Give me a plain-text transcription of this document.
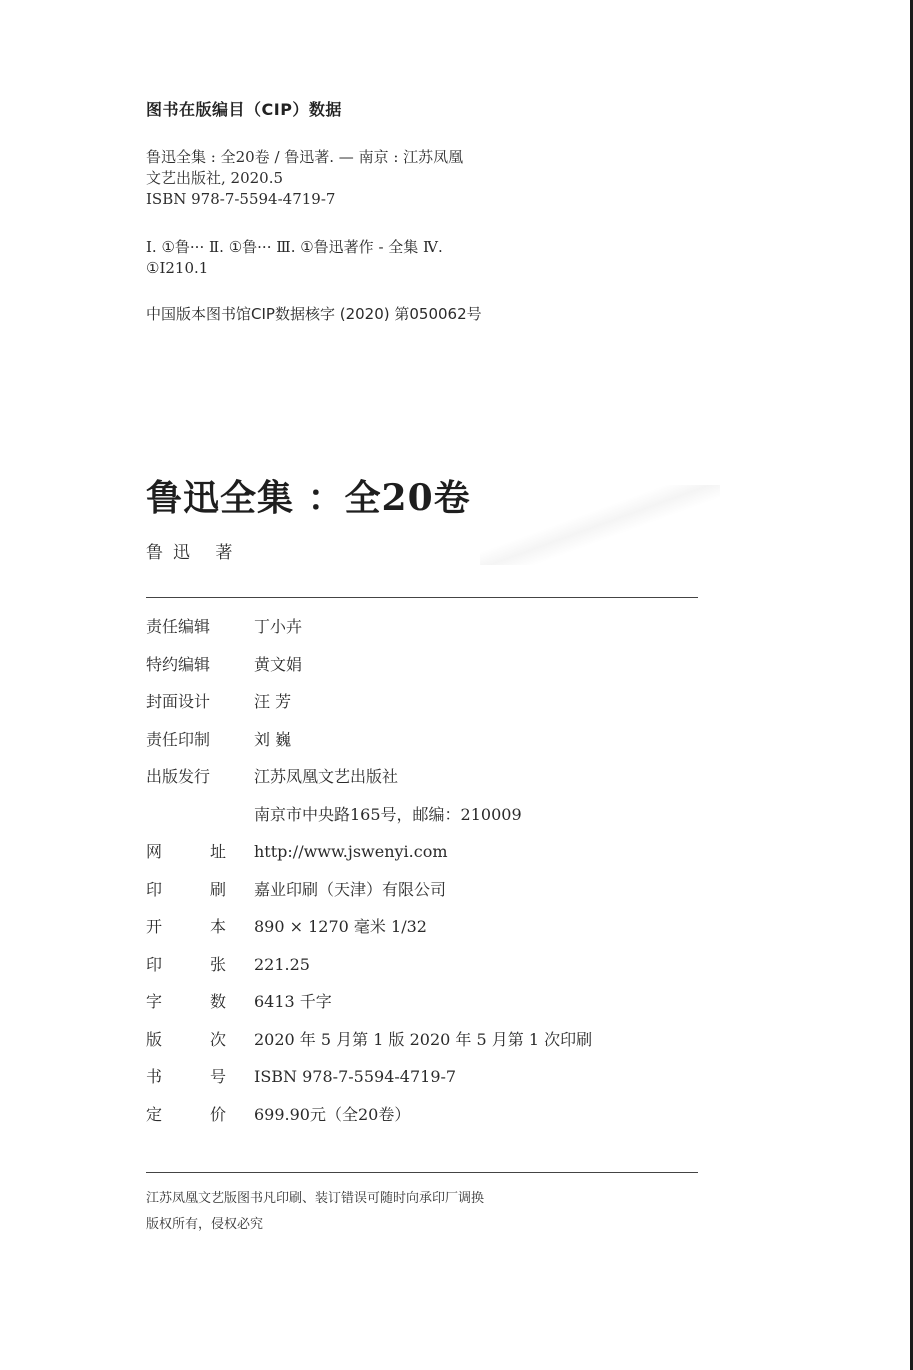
图书在版编目（CIP）数据
鲁迅全集 : 全20卷 / 鲁迅著. — 南京 : 江苏凤凰
文艺出版社, 2020.5
ISBN 978-7-5594-4719-7
Ⅰ. ①鲁··· Ⅱ. ①鲁··· Ⅲ. ①鲁迅著作 - 全集 Ⅳ.
①I210.1
中国版本图书馆CIP数据核字 (2020) 第050062号
鲁迅全集 ：全20卷
鲁迅 著
责任编辑	丁小卉
特约编辑	黄文娟
封面设计	汪 芳
责任印制	刘 巍
出版发行	江苏凤凰文艺出版社
南京市中央路165号，邮编：210009
网	址 http://www.jswenyi.com
印	刷 嘉业印刷（天津）有限公司
开	本 890 × 1270 毫米 1/32
印	张 221.25
字	数 6413 千字
版	次 2020 年 5 月第 1 版 2020 年 5 月第 1 次印刷
书	号 ISBN 978-7-5594-4719-7
定	价 699.90元（全20卷）
江苏凤凰文艺版图书凡印刷、装订错误可随时向承印厂调换
版权所有，侵权必究
